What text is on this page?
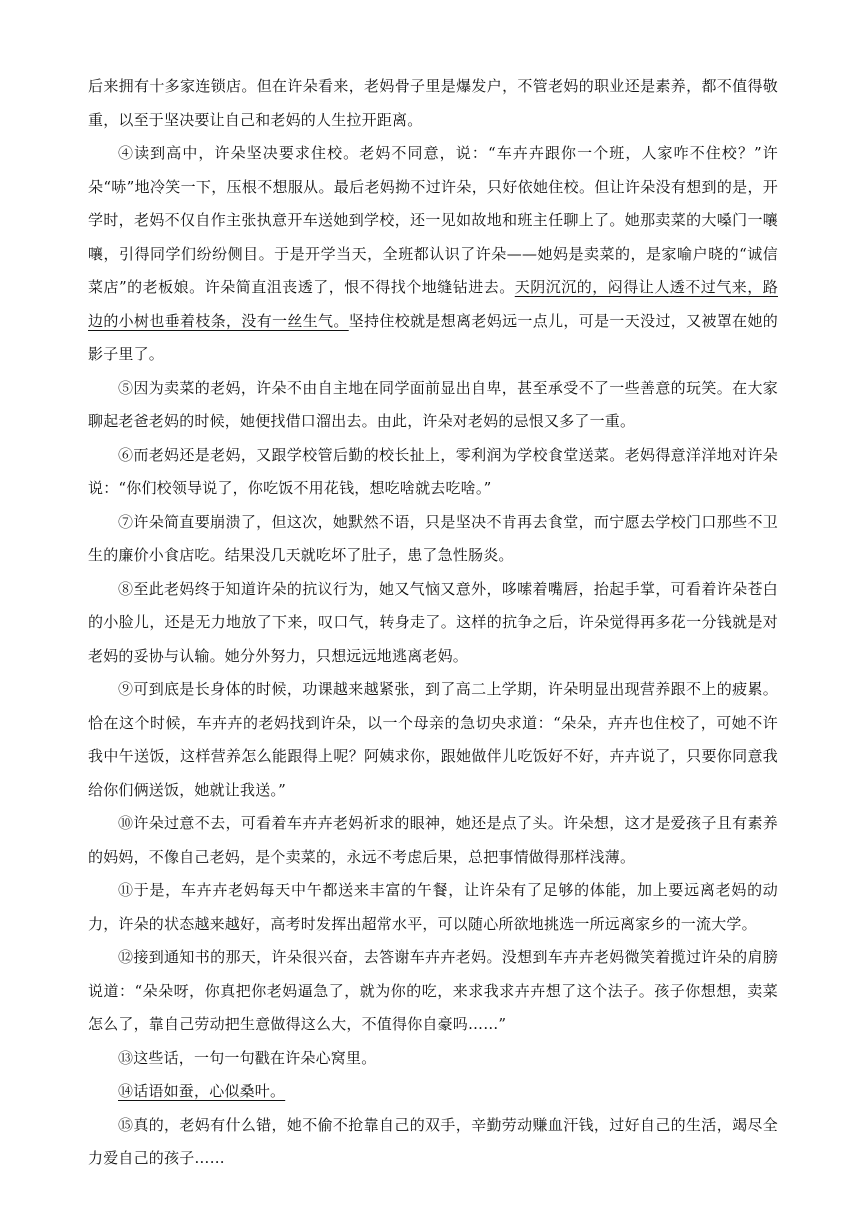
后来拥有十多家连锁店。但在许朵看来，老妈骨子里是爆发户，不管老妈的职业还是素养，都不值得敬重，以至于坚决要让自己和老妈的人生拉开距离。

④读到高中，许朵坚决要求住校。老妈不同意，说：“车卉卉跟你一个班，人家咋不住校？”许朵“哧”地冷笑一下，压根不想服从。最后老妈拗不过许朵，只好依她住校。但让许朵没有想到的是，开学时，老妈不仅自作主张执意开车送她到学校，还一见如故地和班主任聊上了。她那卖菜的大嗓门一嚷嚷，引得同学们纷纷侧目。于是开学当天，全班都认识了许朵——她妈是卖菜的，是家喻户晓的“诚信菜店”的老板娘。许朵简直沮丧透了，恨不得找个地缝钻进去。天阴沉沉的，闷得让人透不过气来，路边的小树也垂着枝条，没有一丝生气。坚持住校就是想离老妈远一点儿，可是一天没过，又被罩在她的影子里了。

⑤因为卖菜的老妈，许朵不由自主地在同学面前显出自卑，甚至承受不了一些善意的玩笑。在大家聊起老爸老妈的时候，她便找借口溜出去。由此，许朵对老妈的忌恨又多了一重。

⑥而老妈还是老妈，又跟学校管后勤的校长扯上，零利润为学校食堂送菜。老妈得意洋洋地对许朵说：“你们校领导说了，你吃饭不用花钱，想吃啥就去吃啥。”

⑦许朵简直要崩溃了，但这次，她默然不语，只是坚决不肯再去食堂，而宁愿去学校门口那些不卫生的廉价小食店吃。结果没几天就吃坏了肚子，患了急性肠炎。

⑧至此老妈终于知道许朵的抗议行为，她又气恼又意外，哆嗦着嘴唇，抬起手掌，可看着许朵苍白的小脸儿，还是无力地放了下来，叹口气，转身走了。这样的抗争之后，许朵觉得再多花一分钱就是对老妈的妥协与认输。她分外努力，只想远远地逃离老妈。

⑨可到底是长身体的时候，功课越来越紧张，到了高二上学期，许朵明显出现营养跟不上的疲累。恰在这个时候，车卉卉的老妈找到许朵，以一个母亲的急切央求道：“朵朵，卉卉也住校了，可她不许我中午送饭，这样营养怎么能跟得上呢？阿姨求你，跟她做伴儿吃饭好不好，卉卉说了，只要你同意我给你们俩送饭，她就让我送。”

⑩许朵过意不去，可看着车卉卉老妈祈求的眼神，她还是点了头。许朵想，这才是爱孩子且有素养的妈妈，不像自己老妈，是个卖菜的，永远不考虑后果，总把事情做得那样浅薄。

⑪于是，车卉卉老妈每天中午都送来丰富的午餐，让许朵有了足够的体能，加上要远离老妈的动力，许朵的状态越来越好，高考时发挥出超常水平，可以随心所欲地挑选一所远离家乡的一流大学。

⑫接到通知书的那天，许朵很兴奋，去答谢车卉卉老妈。没想到车卉卉老妈微笑着揽过许朵的肩膀说道：“朵朵呀，你真把你老妈逼急了，就为你的吃，来求我求卉卉想了这个法子。孩子你想想，卖菜怎么了，靠自己劳动把生意做得这么大，不值得你自豪吗……”

⑬这些话，一句一句戳在许朵心窝里。

⑭话语如蚕，心似桑叶。

⑮真的，老妈有什么错，她不偷不抢靠自己的双手，辛勤劳动赚血汗钱，过好自己的生活，竭尽全力爱自己的孩子……
